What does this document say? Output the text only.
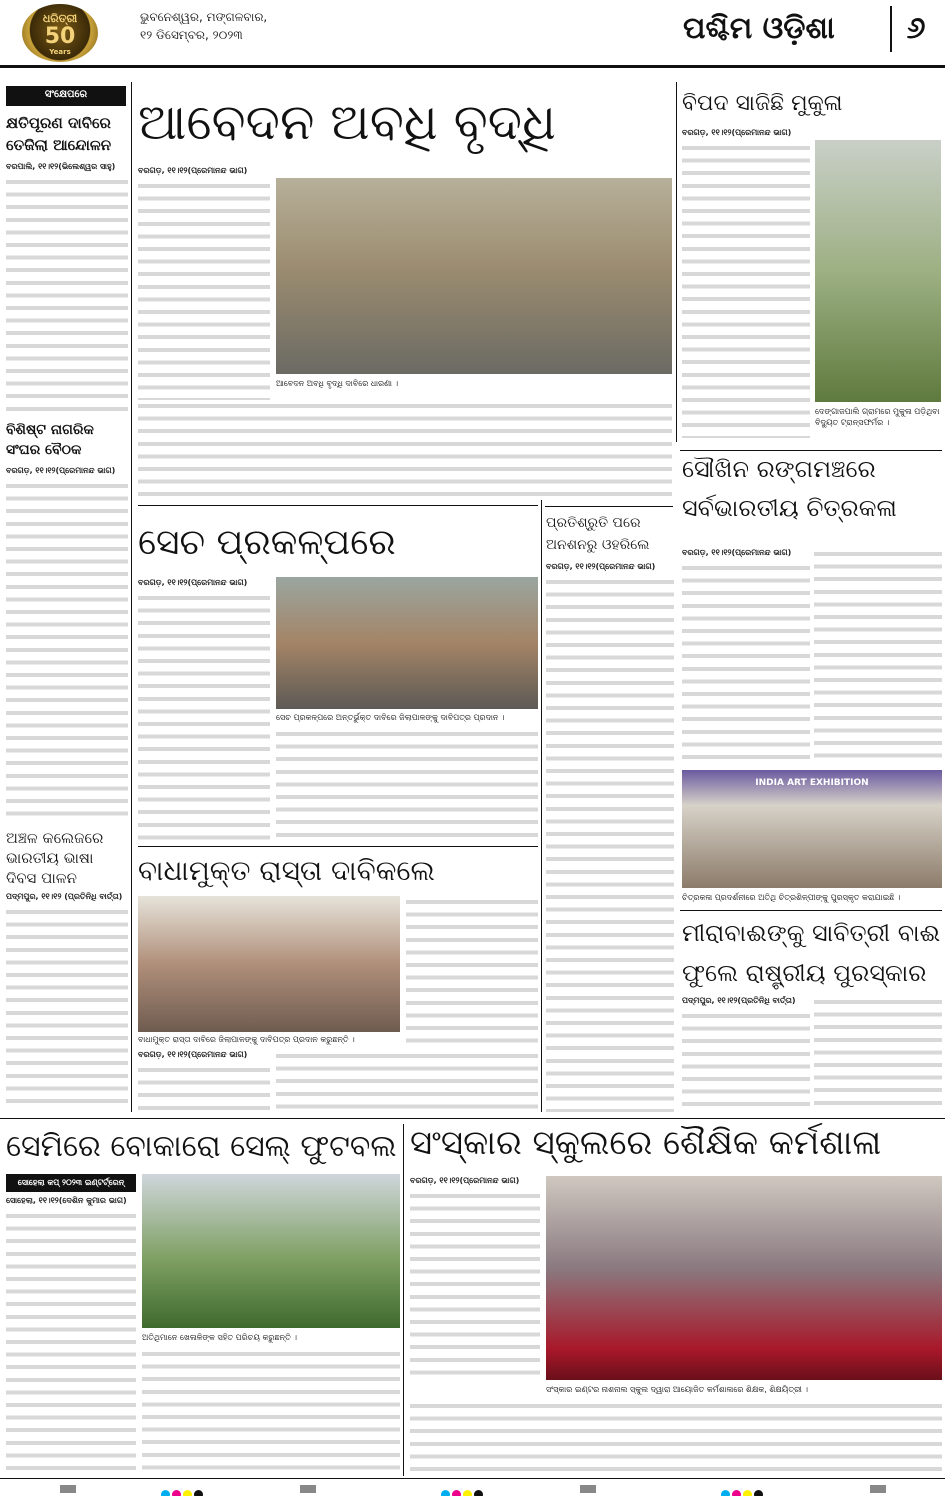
ଧରିତ୍ରୀ
50
Years
ଭୁବନେଶ୍ୱର, ମଙ୍ଗଳବାର,
୧୨ ଡିସେମ୍ବର, ୨୦୨୩	ପଶ୍ଚିମ ଓଡ଼ିଶା	୬
ସଂକ୍ଷେପରେ
କ୍ଷତିପୂରଣ ଦାବିରେ ତେଜିଲା ଆନ୍ଦୋଳନ
ବରପାଲି, ୧୧।୧୨(ଭିଲେଶ୍ୱର ସାହୁ)
ବିଶିଷ୍ଟ ନାଗରିକ ସଂଘର ବୈଠକ
ବରଗଡ଼, ୧୧।୧୨(ପ୍ରେମାନନ୍ଦ ଭାଗ)
ଅଞ୍ଚଳ କଲେଜରେ ଭାରତୀୟ ଭାଷା ଦିବସ ପାଳନ
ପଦ୍ମପୁର, ୧୧।୧୨ (ପ୍ରତିନିଧି ବାର୍ତ୍ତା)
ଆବେଦନ ଅବଧି ବୃଦ୍ଧି
ବରଗଡ଼, ୧୧।୧୨(ପ୍ରେମାନନ୍ଦ ଭାଗ)
ଆବେଦନ ଅବଧି ବୃଦ୍ଧି ଦାବିରେ ଧାରଣା ।
ବିପଦ ସାଜିଛି ମୁକୁଳା
ବରଗଡ଼, ୧୧।୧୨(ପ୍ରେମାନନ୍ଦ ଭାଗ)
ଦେଙ୍ଗାଜପାଲି ଗ୍ରାମରେ ମୁକୁଳା ପଡ଼ିଥିବା ବିଦ୍ୟୁତ ଟ୍ରାନ୍ସଫର୍ମର ।
ସୌଖିନ ରଙ୍ଗମଞ୍ଚରେ
ସର୍ବଭାରତୀୟ ଚିତ୍ରକଳା
ବରଗଡ଼, ୧୧।୧୨(ପ୍ରେମାନନ୍ଦ ଭାଗ)
ପ୍ରତିଶ୍ରୁତି ପରେ ଅନଶନରୁ ଓହରିଲେ
ବରଗଡ଼, ୧୧।୧୨(ପ୍ରେମାନନ୍ଦ ଭାଗ)
INDIA ART EXHIBITION
ଚିତ୍ରକଳା ପ୍ରଦର୍ଶନୀରେ ଅତିଥି ଚିତ୍ରଶିଳ୍ପୀଙ୍କୁ ପୁରସ୍କୃତ କରାଯାଇଛି ।
ସେଚ ପ୍ରକଳ୍ପରେ
ବରଗଡ଼, ୧୧।୧୨(ପ୍ରେମାନନ୍ଦ ଭାଗ)
ସେଚ ପ୍ରକଳ୍ପରେ ଅନ୍ତର୍ଭୁକ୍ତ ଦାବିରେ ଜିଲାପାଳଙ୍କୁ ଦାବିପତ୍ର ପ୍ରଦାନ ।
ବାଧାମୁକ୍ତ ରାସ୍ତା ଦାବିକଲେ
ବାଧାମୁକ୍ତ ରାସ୍ତା ଦାବିରେ ଜିଲାପାଳଙ୍କୁ ଦାବିପତ୍ର ପ୍ରଦାନ କରୁଛନ୍ତି ।
ବରଗଡ଼, ୧୧।୧୨(ପ୍ରେମାନନ୍ଦ ଭାଗ)
ମୀରାବାଈଙ୍କୁ ସାବିତ୍ରୀ ବାଈ
ଫୁଲେ ରାଷ୍ଟ୍ରୀୟ ପୁରସ୍କାର
ପଦ୍ମପୁର, ୧୧।୧୨(ପ୍ରତିନିଧି ବାର୍ତ୍ତା)
ସେମିରେ ବୋକାରୋ ସେଲ୍ ଫୁଟବଲ
ସୋହେଲା କପ୍ ୨୦୨୩ ଇଣ୍ଟର୍ଟ୍ରେନ୍
ସୋହେଲା, ୧୧।୧୨(ଦେଶିନ କୁମାର ଭାଗ)
ଅତିଥିମାନେ ଖେଳାଳିଙ୍କ ସହିତ ପରିଚୟ କରୁଛନ୍ତି ।
ସଂସ୍କାର ସ୍କୁଲରେ ଶୈକ୍ଷିକ କର୍ମଶାଳା
ବରଗଡ଼, ୧୧।୧୨(ପ୍ରେମାନନ୍ଦ ଭାଗ)
ସଂସ୍କାର ଇଣ୍ଟର ନାଶନାଲ ସ୍କୁଲ ଦ୍ୱାରା ଆୟୋଜିତ କର୍ମଶାଳାରେ ଶିକ୍ଷକ, ଶିକ୍ଷୟିତ୍ରୀ ।
